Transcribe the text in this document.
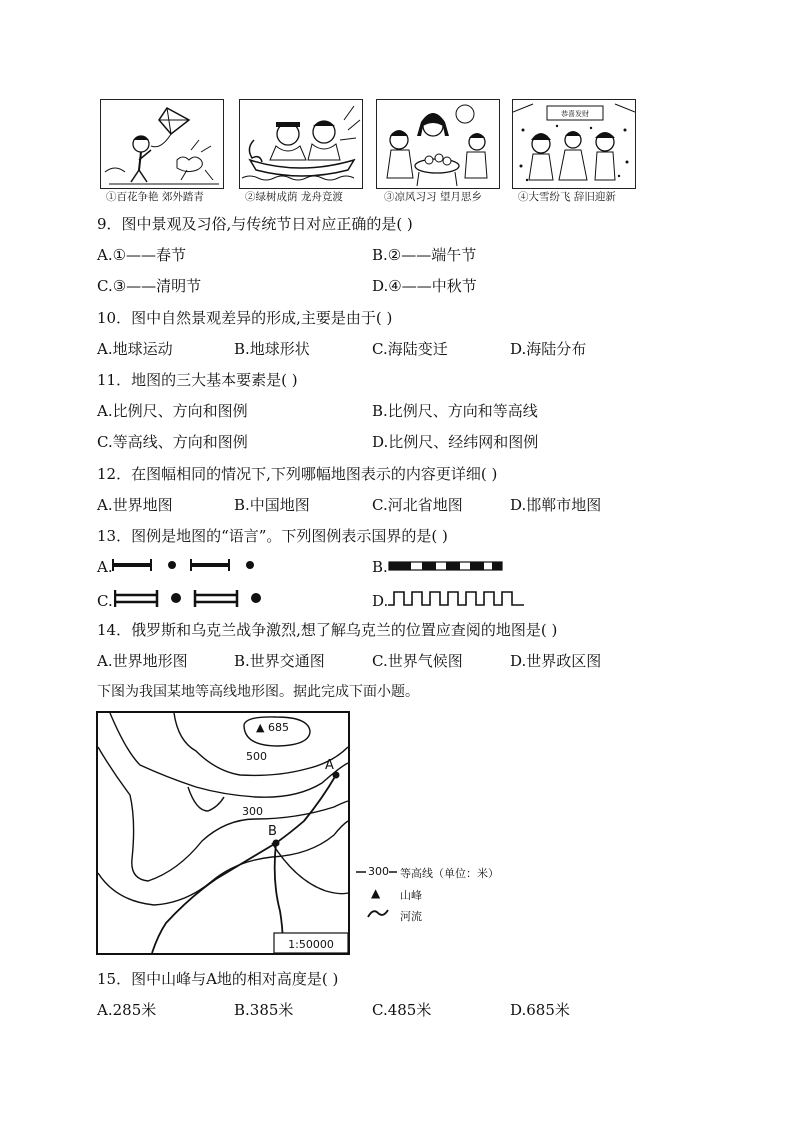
恭喜发财
①百花争艳 郊外踏青	②绿树成荫 龙舟竞渡	③凉风习习 望月思乡	④大雪纷飞 辞旧迎新
9．图中景观及习俗,与传统节日对应正确的是( )
A.①——春节	B.②——端午节
C.③——清明节	D.④——中秋节
10．图中自然景观差异的形成,主要是由于( )
A.地球运动	B.地球形状	C.海陆变迁	D.海陆分布
11．地图的三大基本要素是( )
A.比例尺、方向和图例	B.比例尺、方向和等高线
C.等高线、方向和图例	D.比例尺、经纬网和图例
12．在图幅相同的情况下,下列哪幅地图表示的内容更详细( )
A.世界地图	B.中国地图	C.河北省地图	D.邯郸市地图
13．图例是地图的“语言”。下列图例表示国界的是( )
A.	B.
C.	D.
14．俄罗斯和乌克兰战争激烈,想了解乌克兰的位置应查阅的地图是( )
A.世界地形图	B.世界交通图	C.世界气候图	D.世界政区图
下图为我国某地等高线地形图。据此完成下面小题。
▲ 685
500
300
A
B
1:50000
300 等高线（单位：米）
▲ 山峰
河流
15．图中山峰与A地的相对高度是( )
A.285米	B.385米	C.485米	D.685米
